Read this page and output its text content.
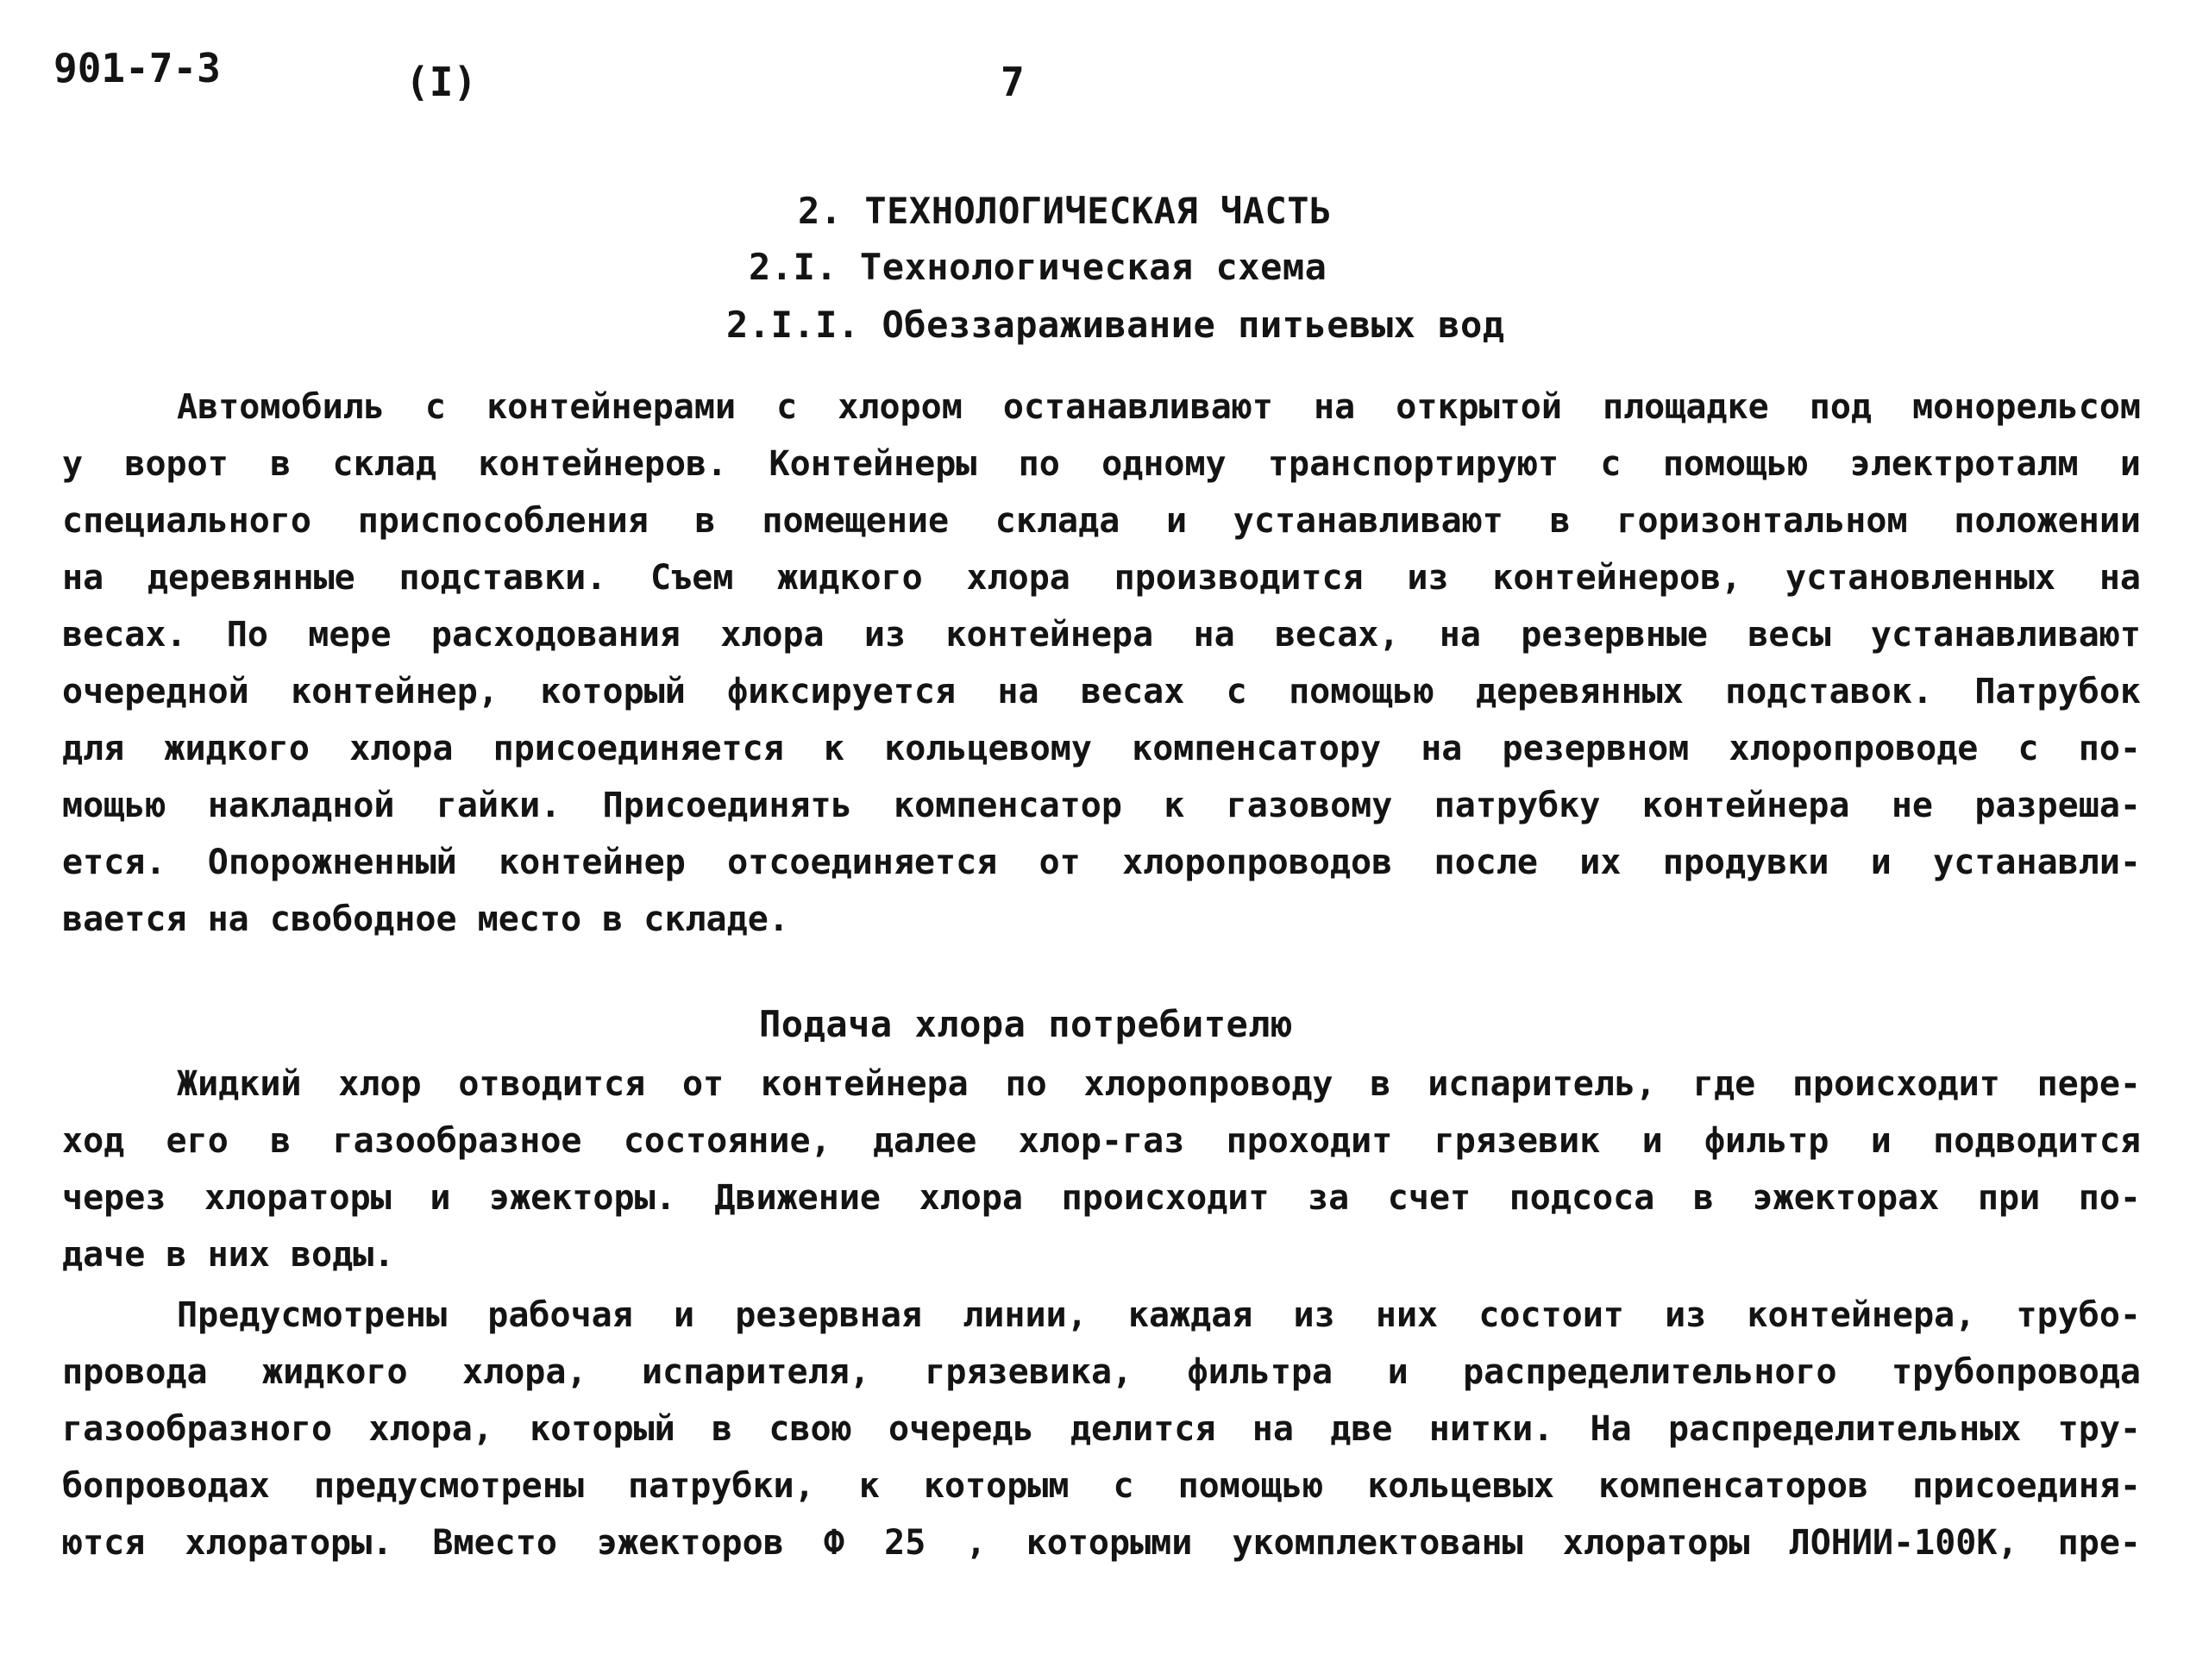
901-7-3	(I)	7
2. ТЕХНОЛОГИЧЕСКАЯ ЧАСТЬ
2.I. Технологическая схема
2.I.I. Обеззараживание питьевых вод
Автомобиль с контейнерами с хлором останавливают на открытой площадке под монорельсом
у ворот в склад контейнеров. Контейнеры по одному транспортируют с помощью электроталм и
специального приспособления в помещение склада и устанавливают в горизонтальном положении
на деревянные подставки. Съем жидкого хлора производится из контейнеров, установленных на
весах. По мере расходования хлора из контейнера на весах, на резервные весы устанавливают
очередной контейнер, который фиксируется на весах с помощью деревянных подставок. Патрубок
для жидкого хлора присоединяется к кольцевому компенсатору на резервном хлоропроводе с по-
мощью накладной гайки. Присоединять компенсатор к газовому патрубку контейнера не разреша-
ется. Опорожненный контейнер отсоединяется от хлоропроводов после их продувки и устанавли-
вается на свободное место в складе.
Подача хлора потребителю
Жидкий хлор отводится от контейнера по хлоропроводу в испаритель, где происходит пере-
ход его в газообразное состояние, далее хлор-газ проходит грязевик и фильтр и подводится
через хлораторы и эжекторы. Движение хлора происходит за счет подсоса в эжекторах при по-
даче в них воды.
Предусмотрены рабочая и резервная линии, каждая из них состоит из контейнера, трубо-
провода жидкого хлора, испарителя, грязевика, фильтра и распределительного трубопровода
газообразного хлора, который в свою очередь делится на две нитки. На распределительных тру-
бопроводах предусмотрены патрубки, к которым с помощью кольцевых компенсаторов присоединя-
ются хлораторы. Вместо эжекторов Ф 25 , которыми укомплектованы хлораторы ЛОНИИ-100К, пре-
